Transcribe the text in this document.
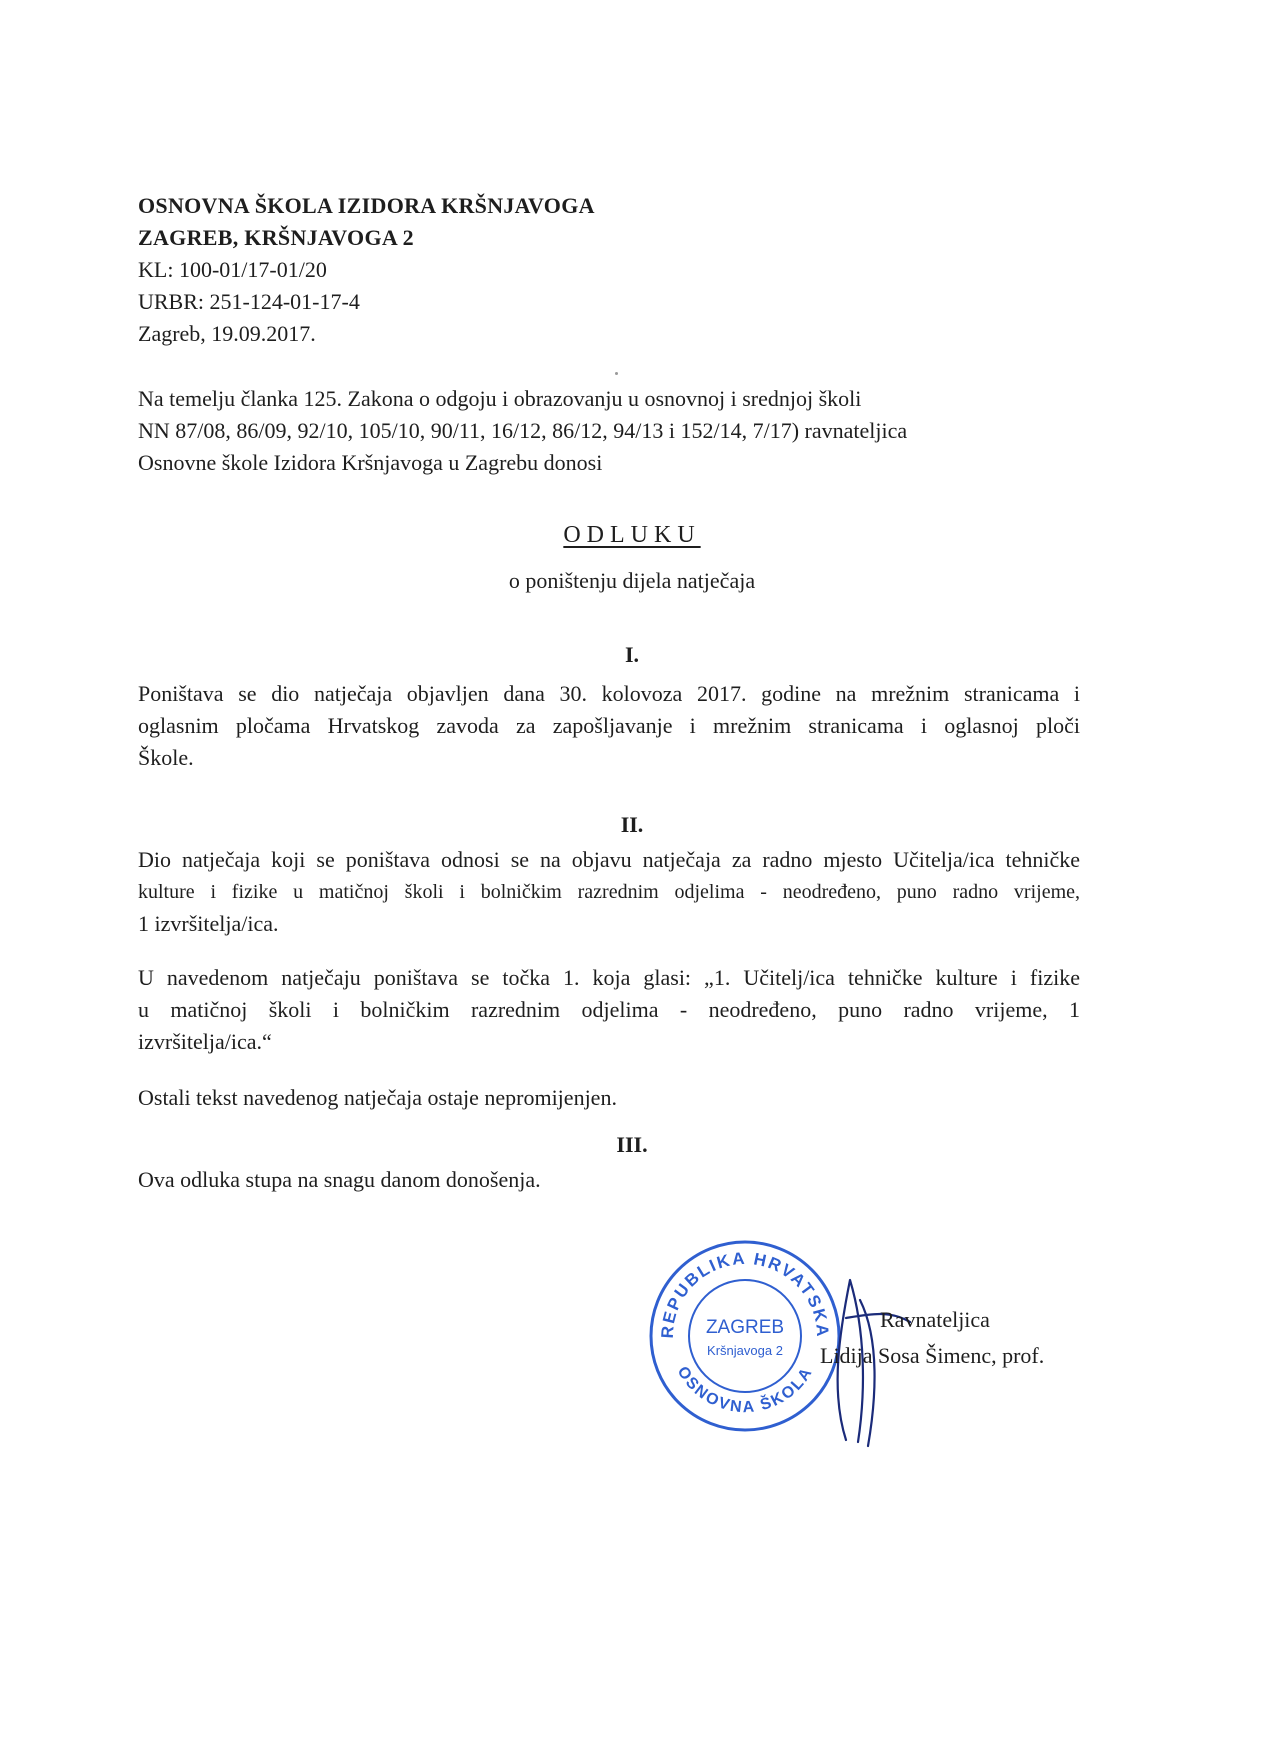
OSNOVNA ŠKOLA IZIDORA KRŠNJAVOGA
ZAGREB, KRŠNJAVOGA 2
KL: 100-01/17-01/20
URBR: 251-124-01-17-4
Zagreb, 19.09.2017.
Na temelju članka 125. Zakona o odgoju i obrazovanju u osnovnoj i srednjoj školi
NN 87/08, 86/09, 92/10, 105/10, 90/11, 16/12, 86/12, 94/13 i 152/14, 7/17) ravnateljica
Osnovne škole Izidora Kršnjavoga u Zagrebu donosi
ODLUKU
o poništenju dijela natječaja
I.
Poništava se dio natječaja objavljen dana 30. kolovoza 2017. godine na mrežnim stranicama i
oglasnim pločama Hrvatskog zavoda za zapošljavanje i mrežnim stranicama i oglasnoj ploči
Škole.
II.
Dio natječaja koji se poništava odnosi se na objavu natječaja za radno mjesto Učitelja/ica tehničke
kulture i fizike u matičnoj školi i bolničkim razrednim odjelima - neodređeno, puno radno vrijeme,
1 izvršitelja/ica.
U navedenom natječaju poništava se točka 1. koja glasi: „1. Učitelj/ica tehničke kulture i fizike
u matičnoj školi i bolničkim razrednim odjelima - neodređeno, puno radno vrijeme, 1
izvršitelja/ica.“
Ostali tekst navedenog natječaja ostaje nepromijenjen.
III.
Ova odluka stupa na snagu danom donošenja.
REPUBLIKA HRVATSKA
OSNOVNA ŠKOLA
ZAGREB
Kršnjavoga 2
Ravnateljica
Lidija Sosa Šimenc, prof.
